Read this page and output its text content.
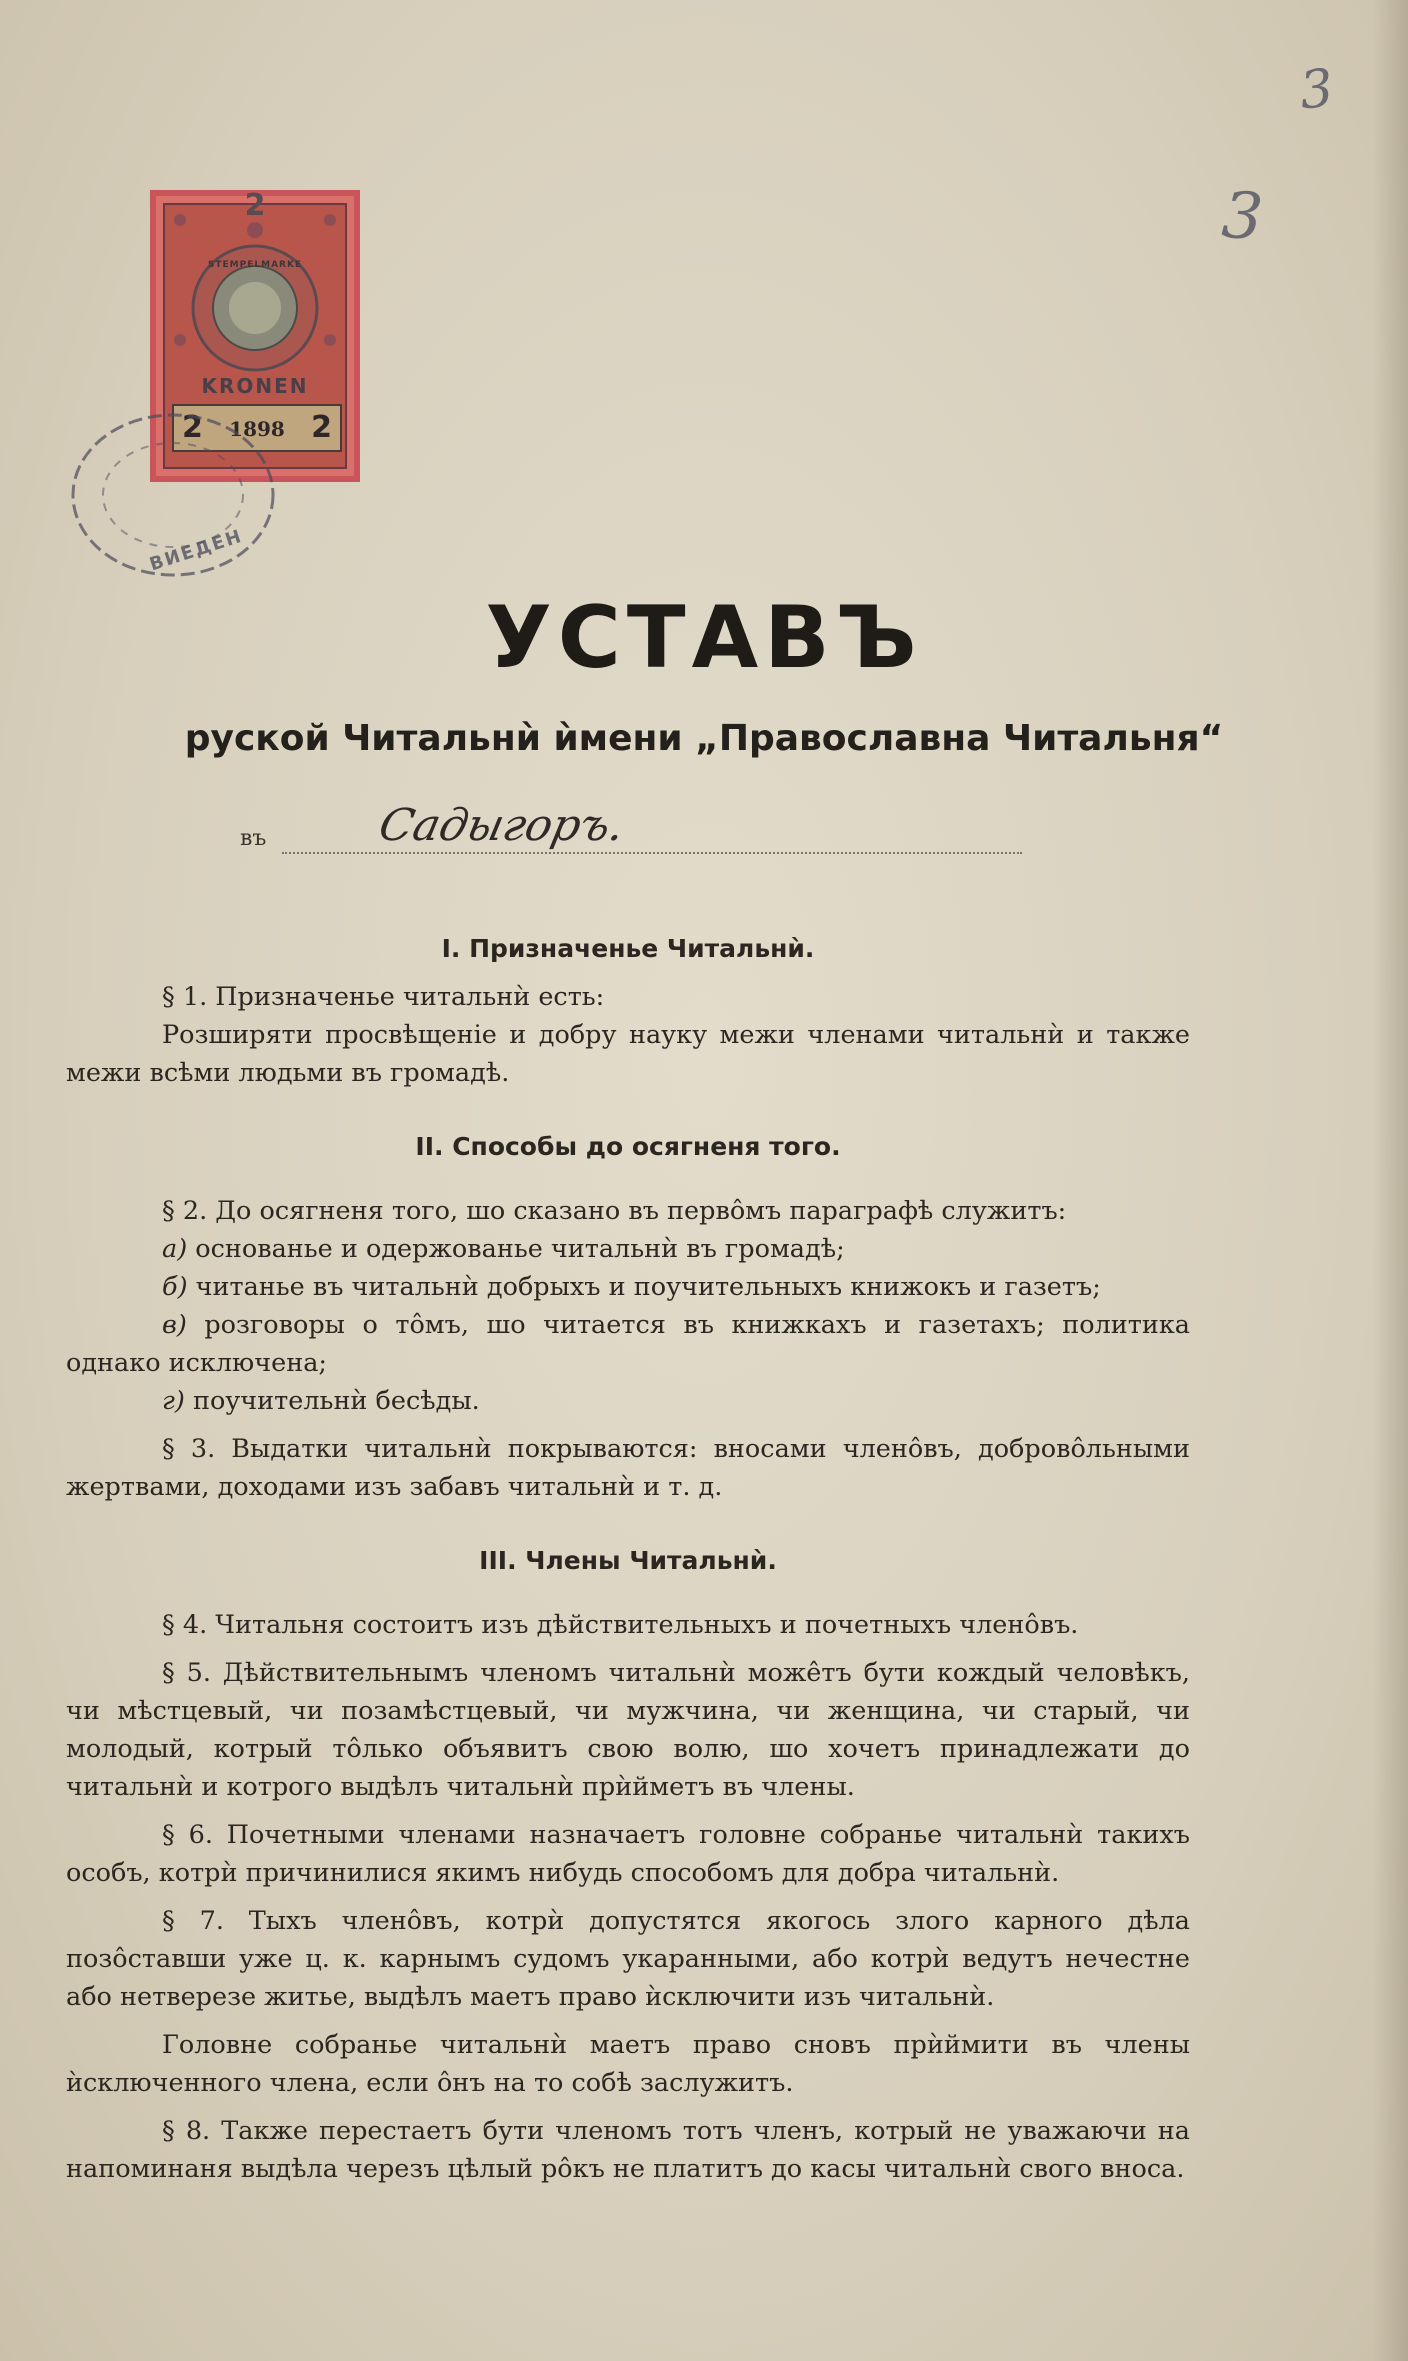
3
3
STEMPELMARKE
2
KRONEN
2	1898 2
ВИЕДЕН
УСТАВЪ
руской Читальнѝ ѝмени „Православна Читальня“
въ Садыгоръ.

I. Призначенье Читальнѝ.

§ 1. Призначенье читальнѝ есть:

Розширяти просвѣщеніе и добру науку межи членами читальнѝ и также межи всѣми людьми въ громадѣ.

II. Способы до осягненя того.

§ 2. До осягненя того, шо сказано въ первôмъ параграфѣ служитъ:

а) основанье и одержованье читальнѝ въ громадѣ;

б) читанье въ читальнѝ добрыхъ и поучительныхъ книжокъ и газетъ;

в) розговоры о тôмъ, шо читается въ книжкахъ и газетахъ; политика однако исключена;

г) поучительнѝ бесѣды.

§ 3. Выдатки читальнѝ покрываются: вносами членôвъ, добровôльными жертвами, доходами изъ забавъ читальнѝ и т. д.

III. Члены Читальнѝ.

§ 4. Читальня состоитъ изъ дѣйствительныхъ и почетныхъ членôвъ.

§ 5. Дѣйствительнымъ членомъ читальнѝ може̂тъ бути кождый человѣкъ, чи мѣстцевый, чи позамѣстцевый, чи мужчина, чи женщина, чи старый, чи молодый, котрый тôлько объявитъ свою волю, шо хочетъ принадлежати до читальнѝ и котрого выдѣлъ читальнѝ прѝйметъ въ члены.

§ 6. Почетными членами назначаетъ головне собранье читальнѝ такихъ особъ, котрѝ причинилися якимъ нибудь способомъ для добра читальнѝ.

§ 7. Тыхъ членôвъ, котрѝ допустятся якогось злого карного дѣла позôставши уже ц. к. карнымъ судомъ укаранными, або котрѝ ведутъ нечестне або нетверезе житье, выдѣлъ маетъ право ѝсключити изъ читальнѝ.

Головне собранье читальнѝ маетъ право сновъ прѝймити въ члены ѝсключенного члена, если ôнъ на то собѣ заслужитъ.

§ 8. Также перестаетъ бути членомъ тотъ членъ, котрый не уважаючи на напоминаня выдѣла черезъ цѣлый рôкъ не платитъ до касы читальнѝ свого вноса.
